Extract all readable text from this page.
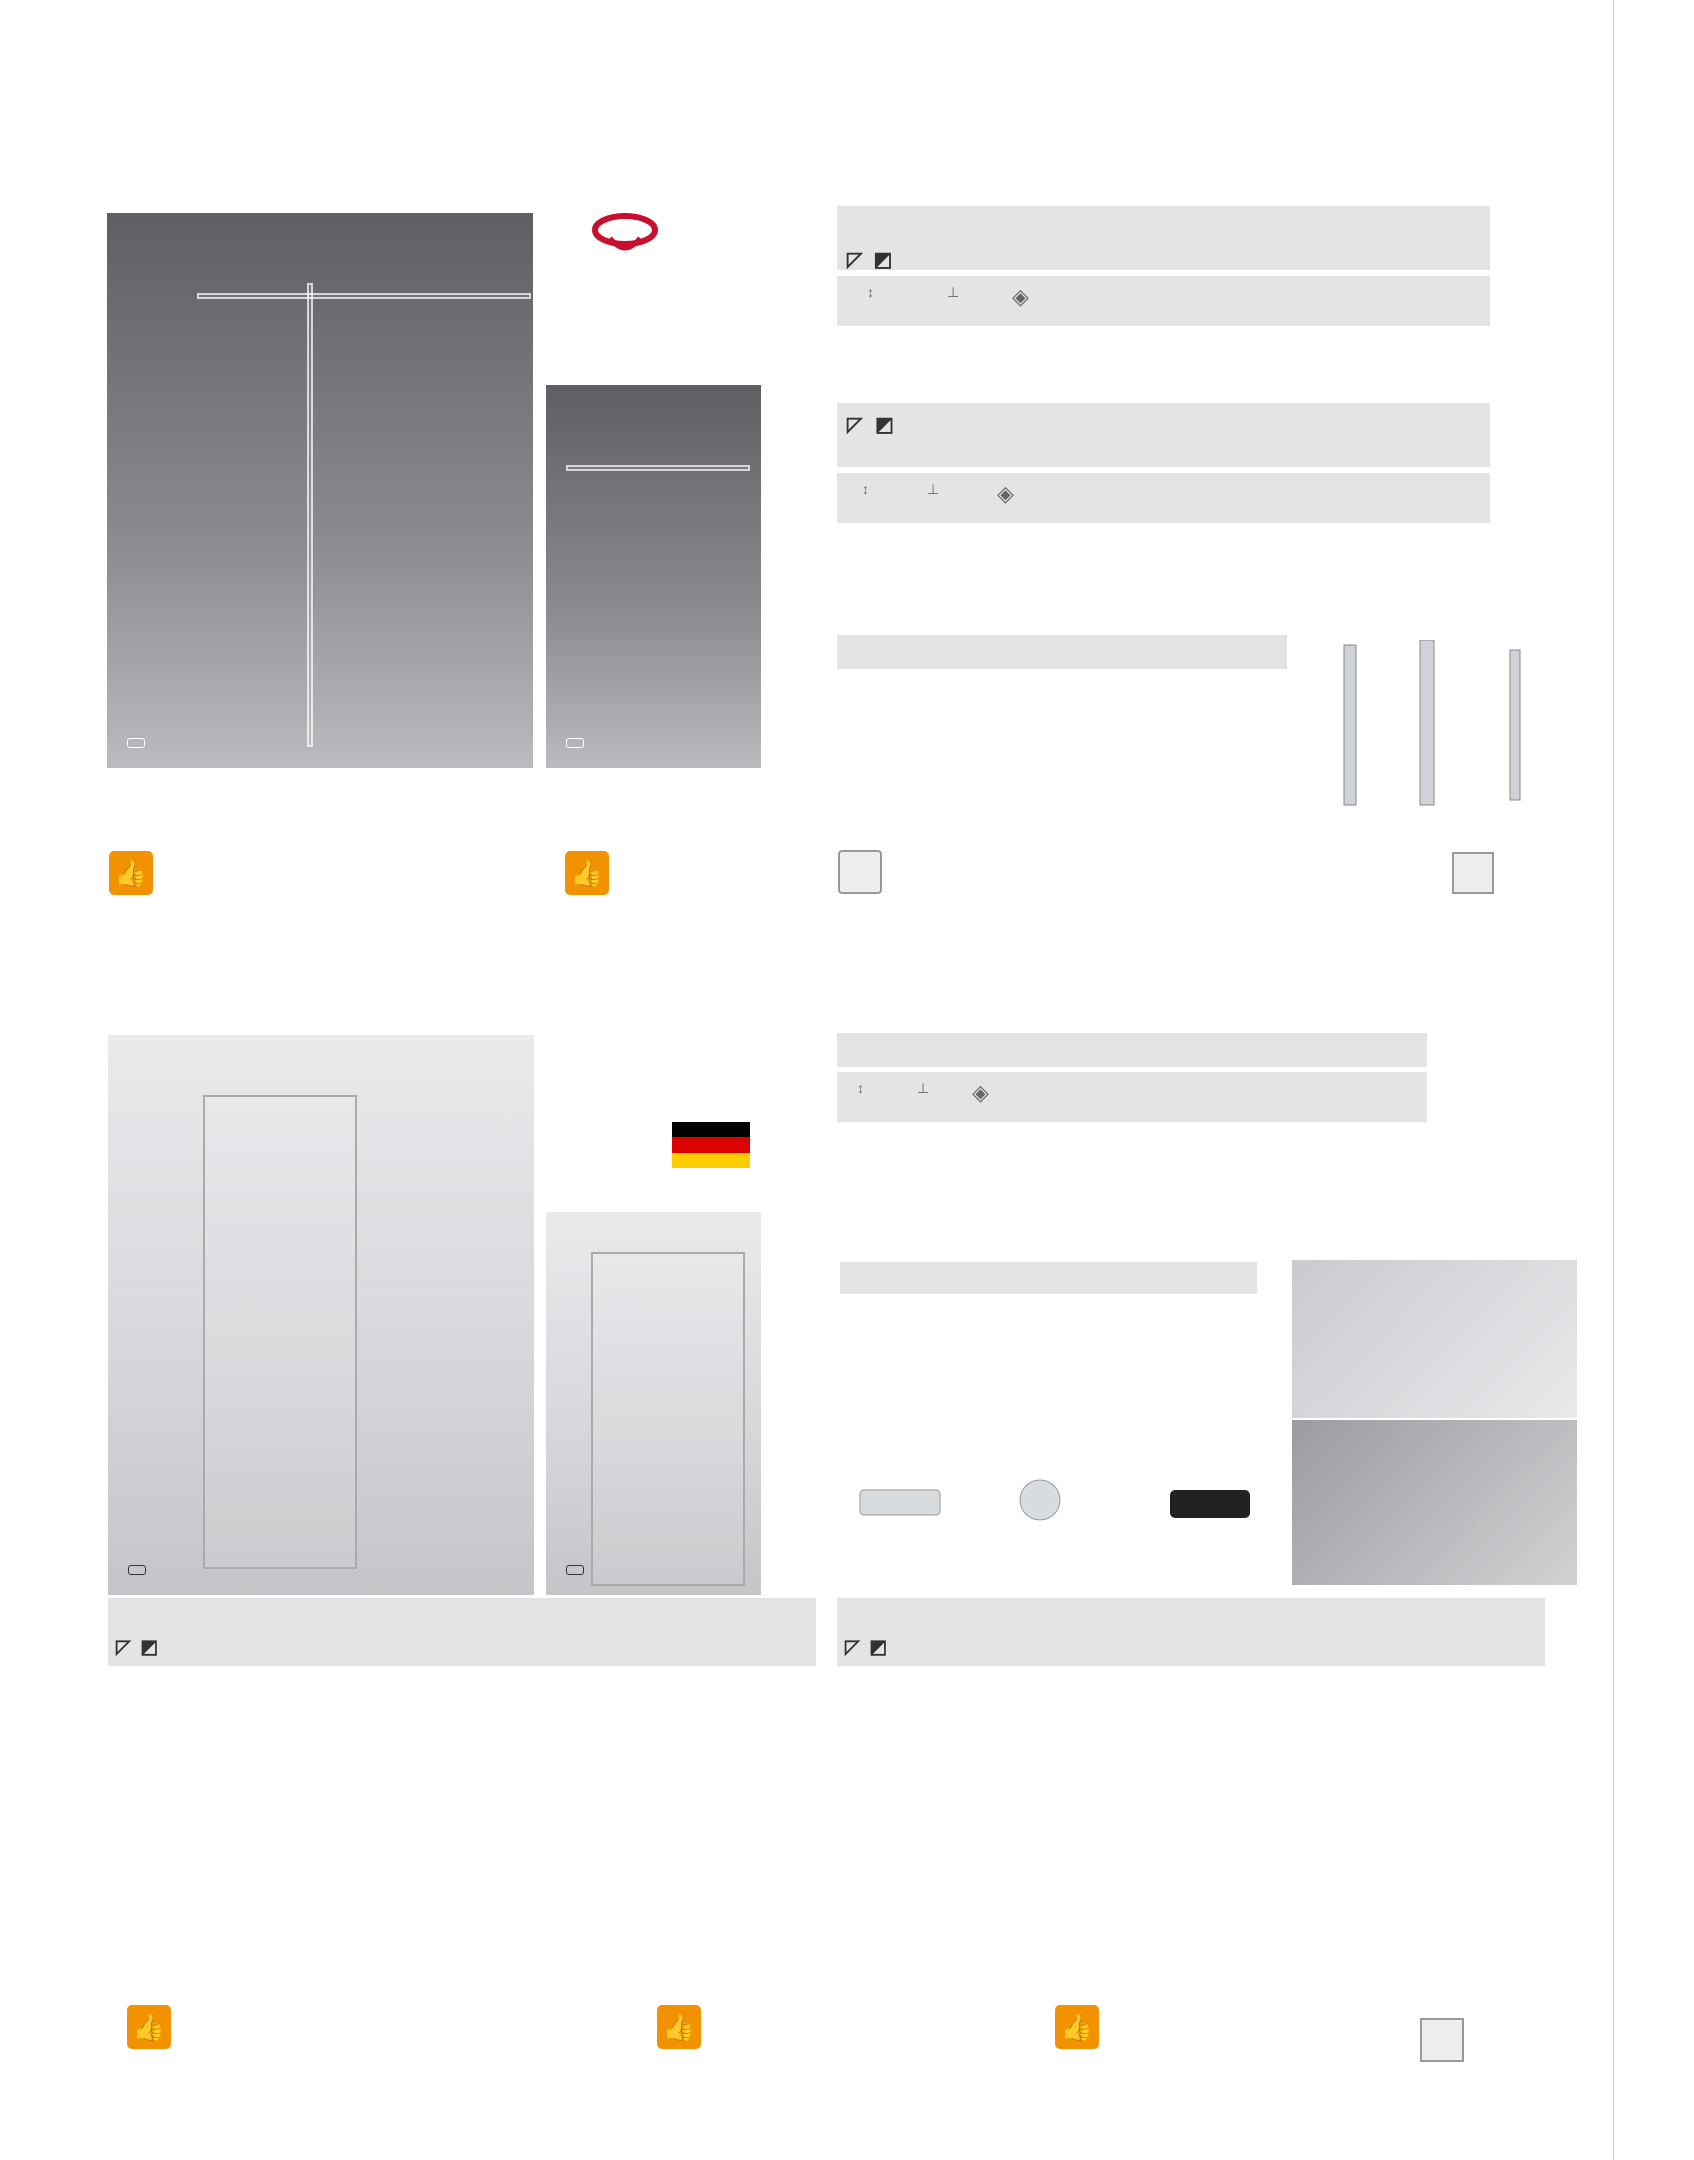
◸ ◩
↕	⊥ ◈
◸ ◩
↕	⊥	◈
👍	👍

↕	⊥ ◈

◸ ◩	◸ ◩
👍	👍	👍
